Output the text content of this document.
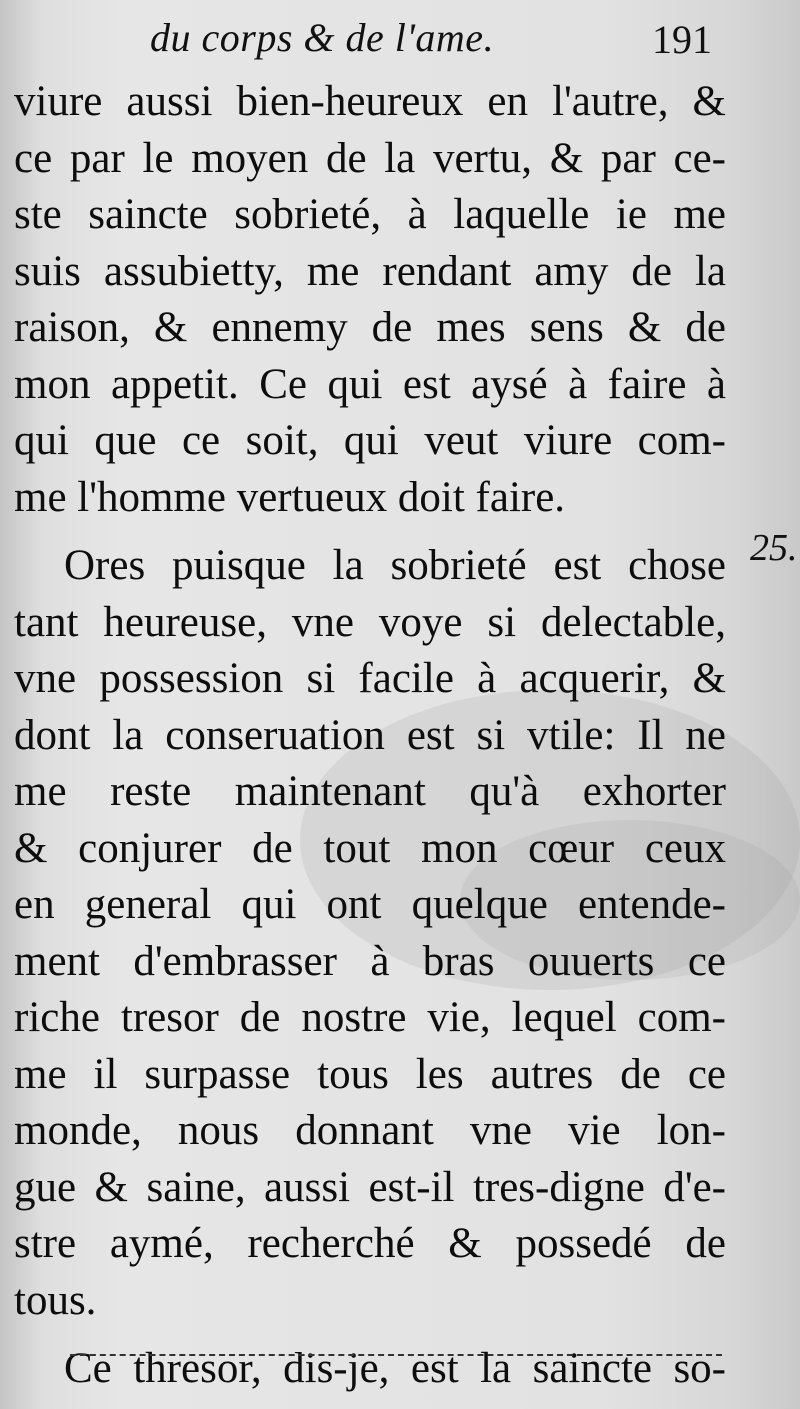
du corps & de l'ame.	191
25.
viure aussi bien-heureux en l'autre, &
ce par le moyen de la vertu, & par ce-
ste saincte sobrieté, à laquelle ie me
suis assubietty, me rendant amy de la
raison, & ennemy de mes sens & de
mon appetit. Ce qui est aysé à faire à
qui que ce soit, qui veut viure com-
me l'homme vertueux doit faire.
Ores puisque la sobrieté est chose
tant heureuse, vne voye si delectable,
vne possession si facile à acquerir, &
dont la conseruation est si vtile: Il ne
me reste maintenant qu'à exhorter
& conjurer de tout mon cœur ceux
en general qui ont quelque entende-
ment d'embrasser à bras ouuerts ce
riche tresor de nostre vie, lequel com-
me il surpasse tous les autres de ce
monde, nous donnant vne vie lon-
gue & saine, aussi est-il tres-digne d'e-
stre aymé, recherché & possedé de
tous.
Ce thresor, dis-je, est la saincte so-
